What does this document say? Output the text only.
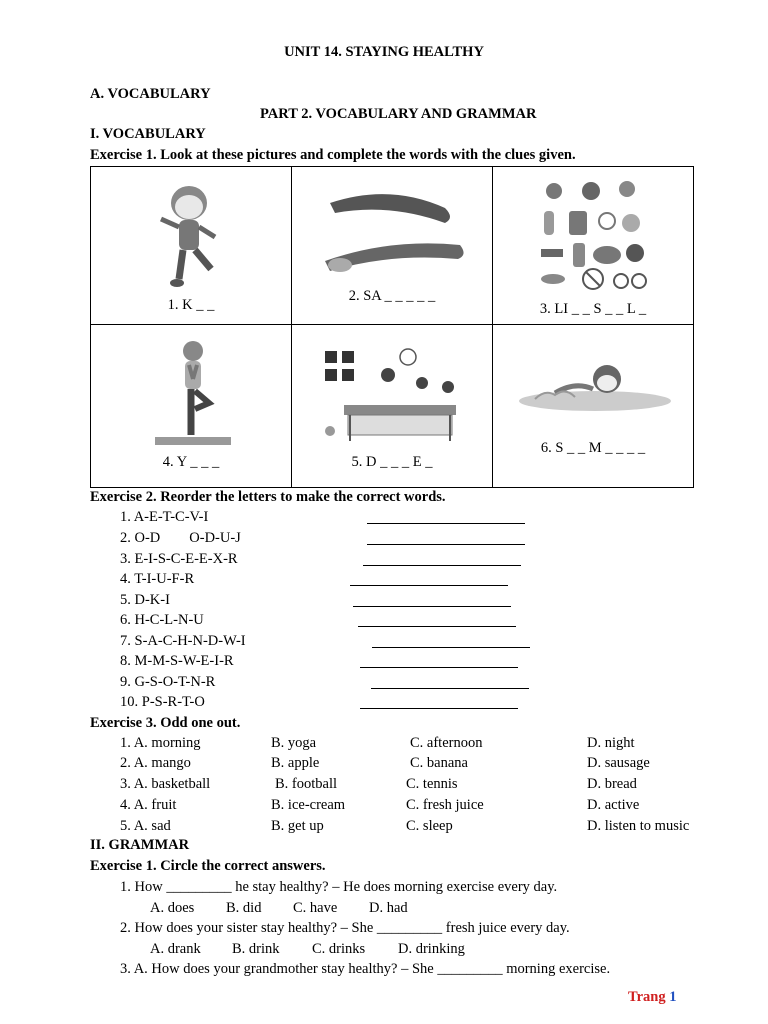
UNIT 14. STAYING HEALTHY
A. VOCABULARY
PART 2. VOCABULARY AND GRAMMAR
I. VOCABULARY
Exercise 1. Look at these pictures and complete the words with the clues given.
1. K _ _
2. SA _ _ _ _ _
3. LI _ _ S _ _ L _
4. Y _ _ _	5. D _ _ _ E _
6. S _ _ M _ _ _ _
Exercise 2. Reorder the letters to make the correct words.
1. A-E-T-C-V-I
2. O-D        O-D-U-J
3. E-I-S-C-E-E-X-R
4. T-I-U-F-R
5. D-K-I
6. H-C-L-N-U
7. S-A-C-H-N-D-W-I
8. M-M-S-W-E-I-R
9. G-S-O-T-N-R
10. P-S-R-T-O
Exercise 3. Odd one out.
1. A. morning	B. yoga	C. afternoon	D. night
2. A. mango	B. apple	C. banana	D. sausage
3. A. basketball	B. football	C. tennis	D. bread
4. A. fruit	B. ice-cream	C. fresh juice	D. active
5. A. sad	B. get up	C. sleep	D. listen to music
II. GRAMMAR
Exercise 1. Circle the correct answers.
1. How _________ he stay healthy? – He does morning exercise every day.
A. does B. did C. have D. had
2. How does your sister stay healthy? – She _________ fresh juice every day.
A. drank B. drink C. drinks D. drinking
3. A. How does your grandmother stay healthy? – She _________ morning exercise.
Trang 1
